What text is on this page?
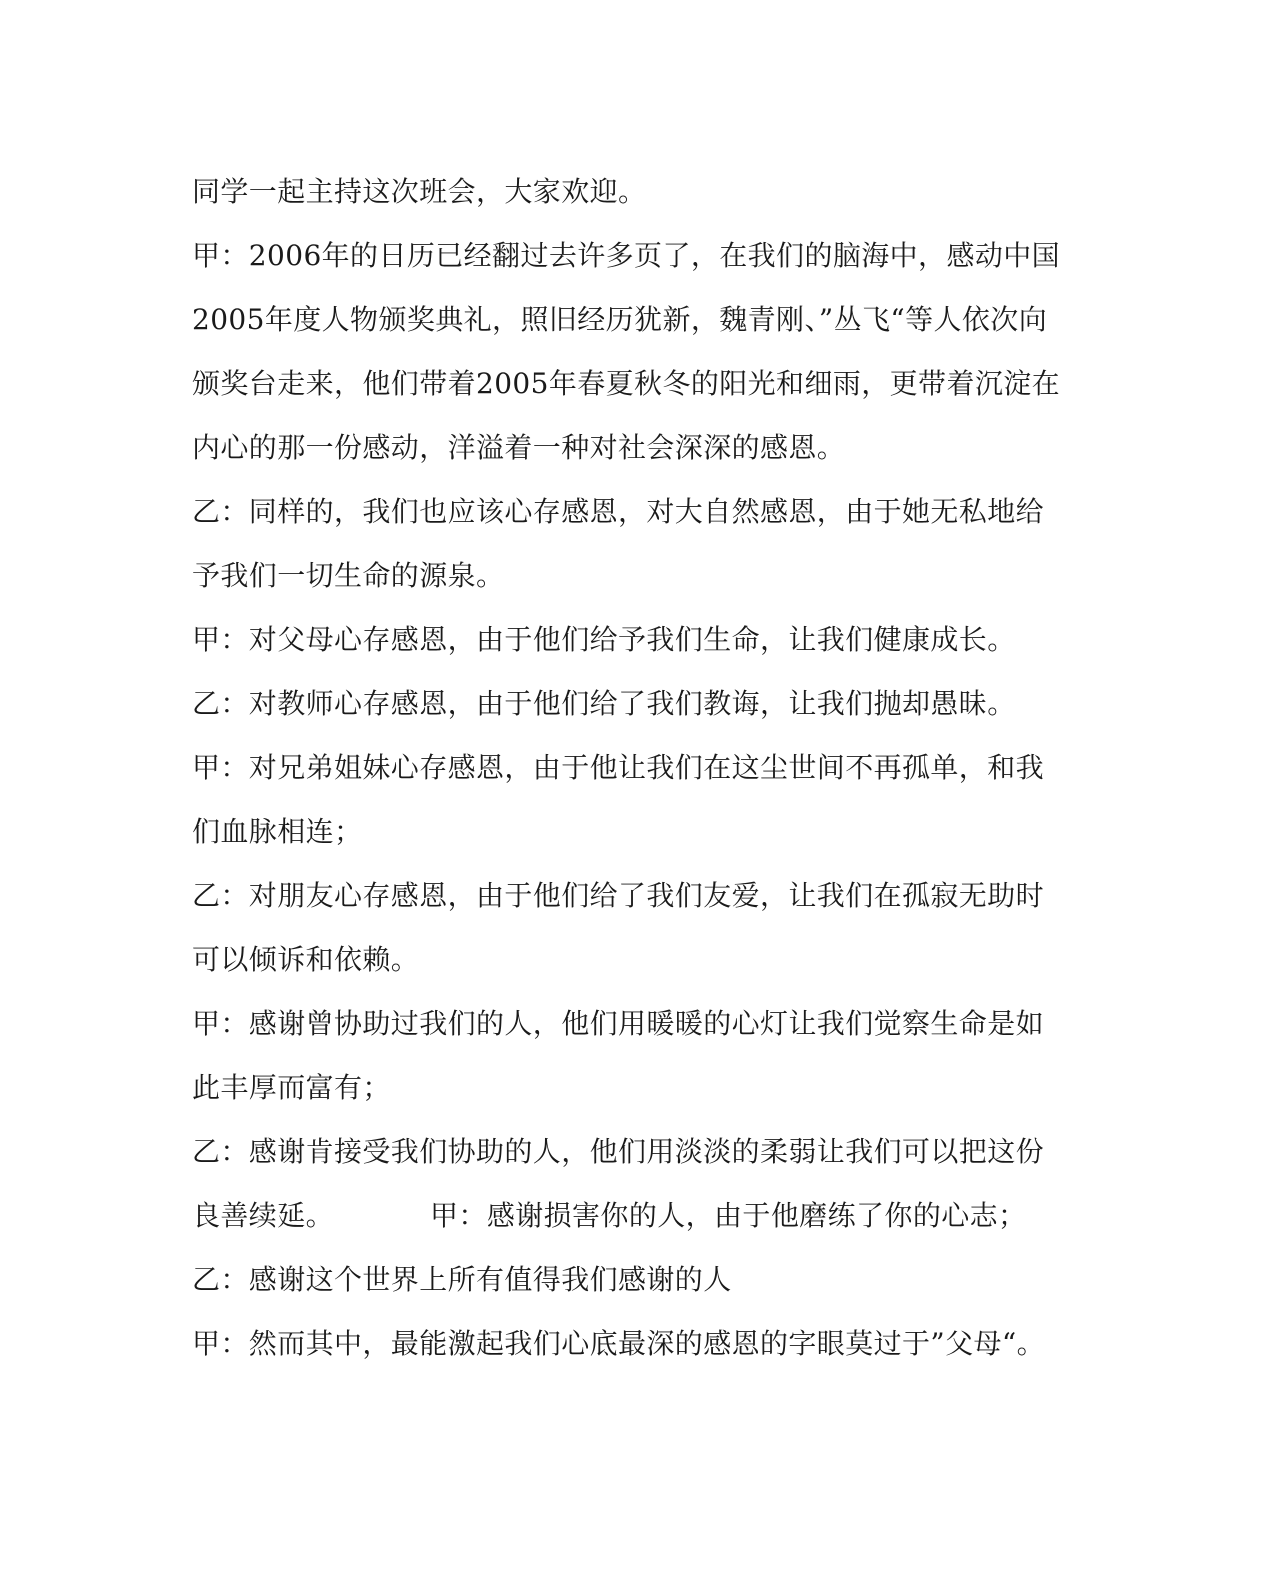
同学一起主持这次班会，大家欢迎。
甲：2006年的日历已经翻过去许多页了，在我们的脑海中，感动中国
2005年度人物颁奖典礼，照旧经历犹新，魏青刚、”丛飞“等人依次向
颁奖台走来，他们带着2005年春夏秋冬的阳光和细雨，更带着沉淀在
内心的那一份感动，洋溢着一种对社会深深的感恩。
乙：同样的，我们也应该心存感恩，对大自然感恩，由于她无私地给
予我们一切生命的源泉。
甲：对父母心存感恩，由于他们给予我们生命，让我们健康成长。
乙：对教师心存感恩，由于他们给了我们教诲，让我们抛却愚昧。
甲：对兄弟姐妹心存感恩，由于他让我们在这尘世间不再孤单，和我
们血脉相连；
乙：对朋友心存感恩，由于他们给了我们友爱，让我们在孤寂无助时
可以倾诉和依赖。
甲：感谢曾协助过我们的人，他们用暖暖的心灯让我们觉察生命是如
此丰厚而富有；
乙：感谢肯接受我们协助的人，他们用淡淡的柔弱让我们可以把这份
良善续延。	甲：感谢损害你的人，由于他磨练了你的心志；
乙：感谢这个世界上所有值得我们感谢的人
甲：然而其中，最能激起我们心底最深的感恩的字眼莫过于”父母“。
